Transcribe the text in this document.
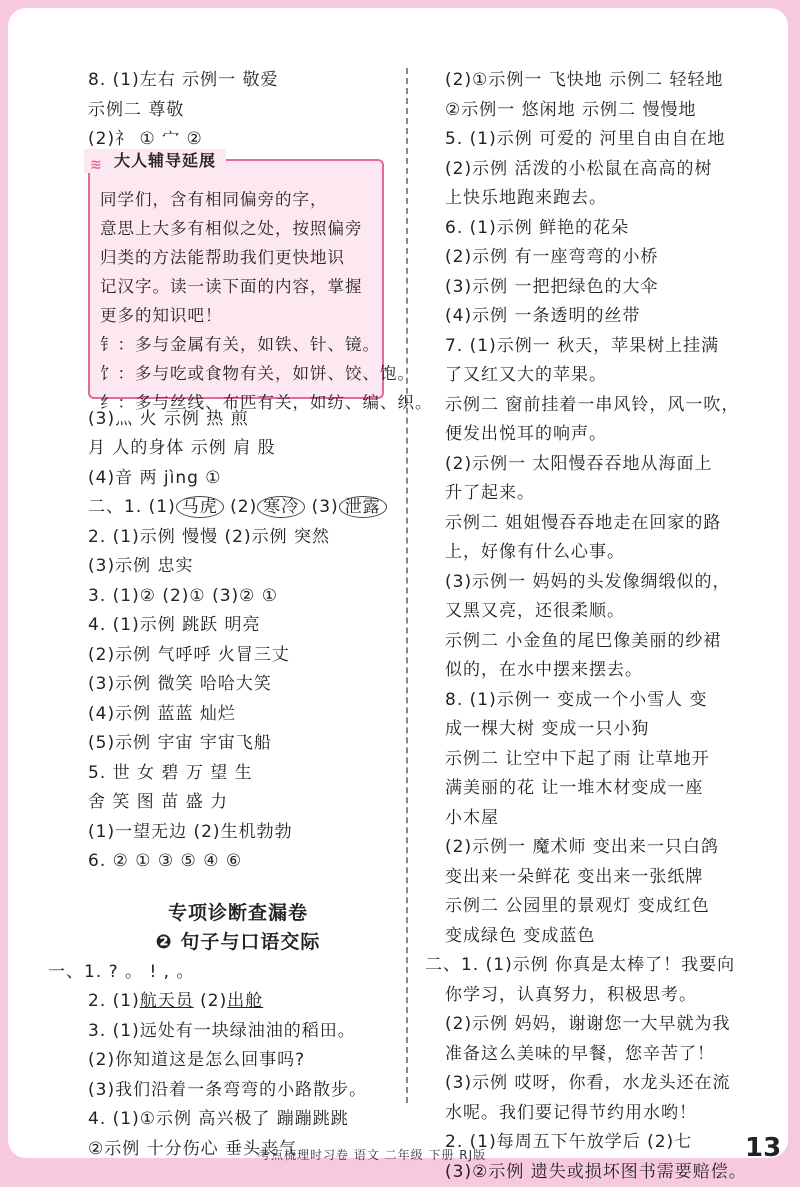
8. (1)左右 示例一 敬爱
示例二 尊敬
(2)礻 ① 宀 ②
≋ 大人辅导延展
同学们，含有相同偏旁的字，
意思上大多有相似之处，按照偏旁
归类的方法能帮助我们更快地识
记汉字。读一读下面的内容，掌握
更多的知识吧！
钅：多与金属有关，如铁、针、镜。
饣：多与吃或食物有关，如饼、饺、饱。
纟：多与丝线、布匹有关，如纺、编、织。
(3)灬 火 示例 热 煎
月 人的身体 示例 肩 股
(4)音 两 jìng ①
二、1. (1) 马虎 (2) 寒冷 (3) 泄露
2. (1)示例 慢慢 (2)示例 突然
(3)示例 忠实
3. (1)② (2)① (3)② ①
4. (1)示例 跳跃 明亮
(2)示例 气呼呼 火冒三丈
(3)示例 微笑 哈哈大笑
(4)示例 蓝蓝 灿烂
(5)示例 宇宙 宇宙飞船
5. 世 女 碧 万 望 生
舍 笑 图 苗 盛 力
(1)一望无边 (2)生机勃勃
6. ② ① ③ ⑤ ④ ⑥
专项诊断查漏卷
❷ 句子与口语交际
一、1. ? 。 ! , 。
2. (1)航天员 (2)出舱
3. (1)远处有一块绿油油的稻田。
(2)你知道这是怎么回事吗?
(3)我们沿着一条弯弯的小路散步。
4. (1)①示例 高兴极了 蹦蹦跳跳
②示例 十分伤心 垂头丧气
(2)①示例一 飞快地 示例二 轻轻地
②示例一 悠闲地 示例二 慢慢地
5. (1)示例 可爱的 河里自由自在地
(2)示例 活泼的小松鼠在高高的树
上快乐地跑来跑去。
6. (1)示例 鲜艳的花朵
(2)示例 有一座弯弯的小桥
(3)示例 一把把绿色的大伞
(4)示例 一条透明的丝带
7. (1)示例一 秋天，苹果树上挂满
了又红又大的苹果。
示例二 窗前挂着一串风铃，风一吹，
便发出悦耳的响声。
(2)示例一 太阳慢吞吞地从海面上
升了起来。
示例二 姐姐慢吞吞地走在回家的路
上，好像有什么心事。
(3)示例一 妈妈的头发像绸缎似的，
又黑又亮，还很柔顺。
示例二 小金鱼的尾巴像美丽的纱裙
似的，在水中摆来摆去。
8. (1)示例一 变成一个小雪人 变
成一棵大树 变成一只小狗
示例二 让空中下起了雨 让草地开
满美丽的花 让一堆木材变成一座
小木屋
(2)示例一 魔术师 变出来一只白鸽
变出来一朵鲜花 变出来一张纸牌
示例二 公园里的景观灯 变成红色
变成绿色 变成蓝色
二、1. (1)示例 你真是太棒了！我要向
你学习，认真努力，积极思考。
(2)示例 妈妈，谢谢您一大早就为我
准备这么美味的早餐，您辛苦了！
(3)示例 哎呀，你看，水龙头还在流
水呢。我们要记得节约用水哟！
2. (1)每周五下午放学后 (2)七
(3)②示例 遗失或损坏图书需要赔偿。
考点梳理时习卷 语文 二年级 下册 RJ版	13
